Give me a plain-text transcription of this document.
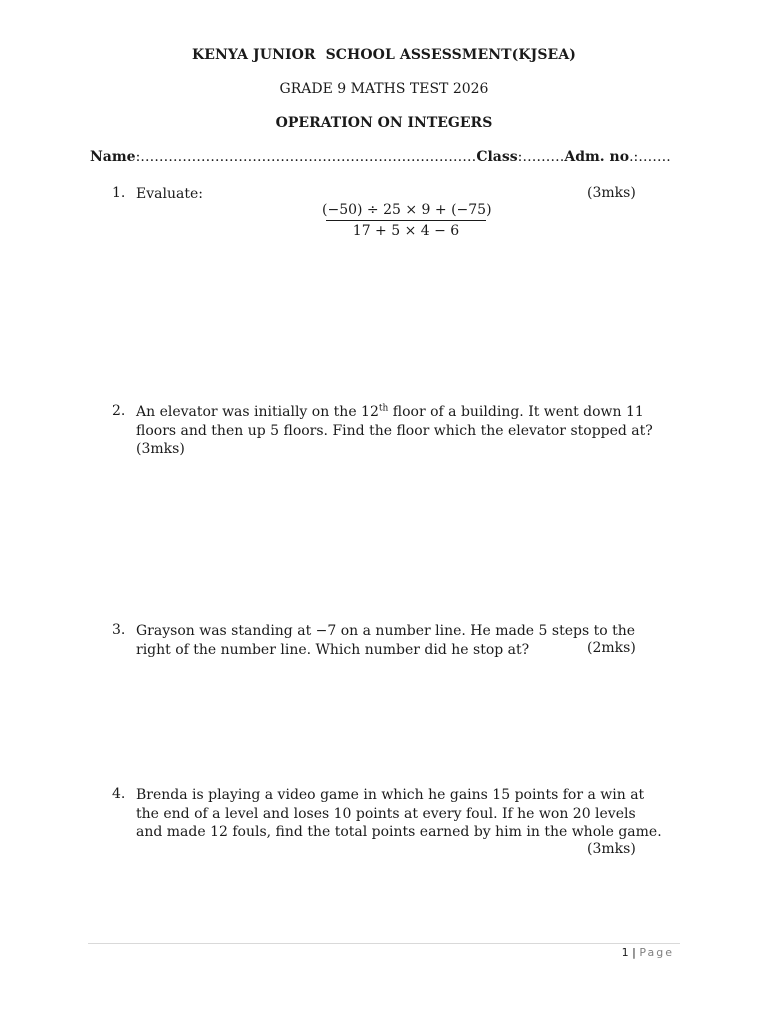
KENYA JUNIOR  SCHOOL ASSESSMENT(KJSEA)
GRADE 9 MATHS TEST 2026
OPERATION ON INTEGERS
Name:………………………………………………………………Class:………Adm. no.:…….
1. Evaluate:	(3mks)
(−50) ÷ 25 × 9 + (−75)
17 + 5 × 4 − 6
2. An elevator was initially on the 12th floor of a building. It went down 11 floors and then up 5 floors. Find the floor which the elevator stopped at?
(3mks)
3. Grayson was standing at −7 on a number line. He made 5 steps to the right of the number line. Which number did he stop at?	(2mks)
4. Brenda is playing a video game in which he gains 15 points for a win at the end of a level and loses 10 points at every foul. If he won 20 levels and made 12 fouls, find the total points earned by him in the whole game.
(3mks)
1 | Page
